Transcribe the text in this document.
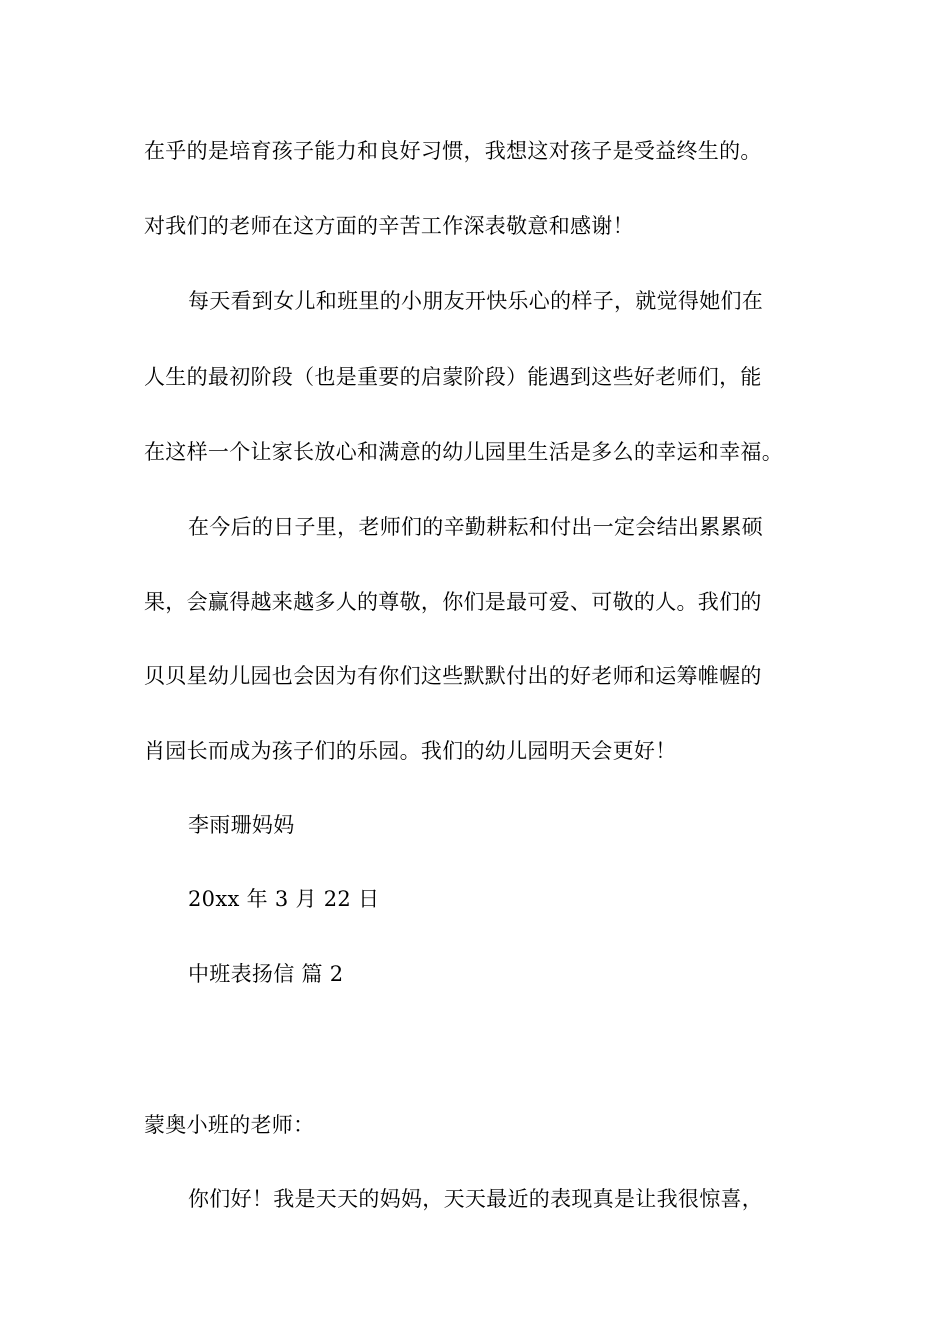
在乎的是培育孩子能力和良好习惯，我想这对孩子是受益终生的。
对我们的老师在这方面的辛苦工作深表敬意和感谢！
每天看到女儿和班里的小朋友开快乐心的样子，就觉得她们在
人生的最初阶段（也是重要的启蒙阶段）能遇到这些好老师们，能
在这样一个让家长放心和满意的幼儿园里生活是多么的幸运和幸福。
在今后的日子里，老师们的辛勤耕耘和付出一定会结出累累硕
果，会赢得越来越多人的尊敬，你们是最可爱、可敬的人。我们的
贝贝星幼儿园也会因为有你们这些默默付出的好老师和运筹帷幄的
肖园长而成为孩子们的乐园。我们的幼儿园明天会更好！
李雨珊妈妈
20xx 年 3 月 22 日
中班表扬信 篇 2
蒙奥小班的老师：
你们好！我是天天的妈妈，天天最近的表现真是让我很惊喜，
